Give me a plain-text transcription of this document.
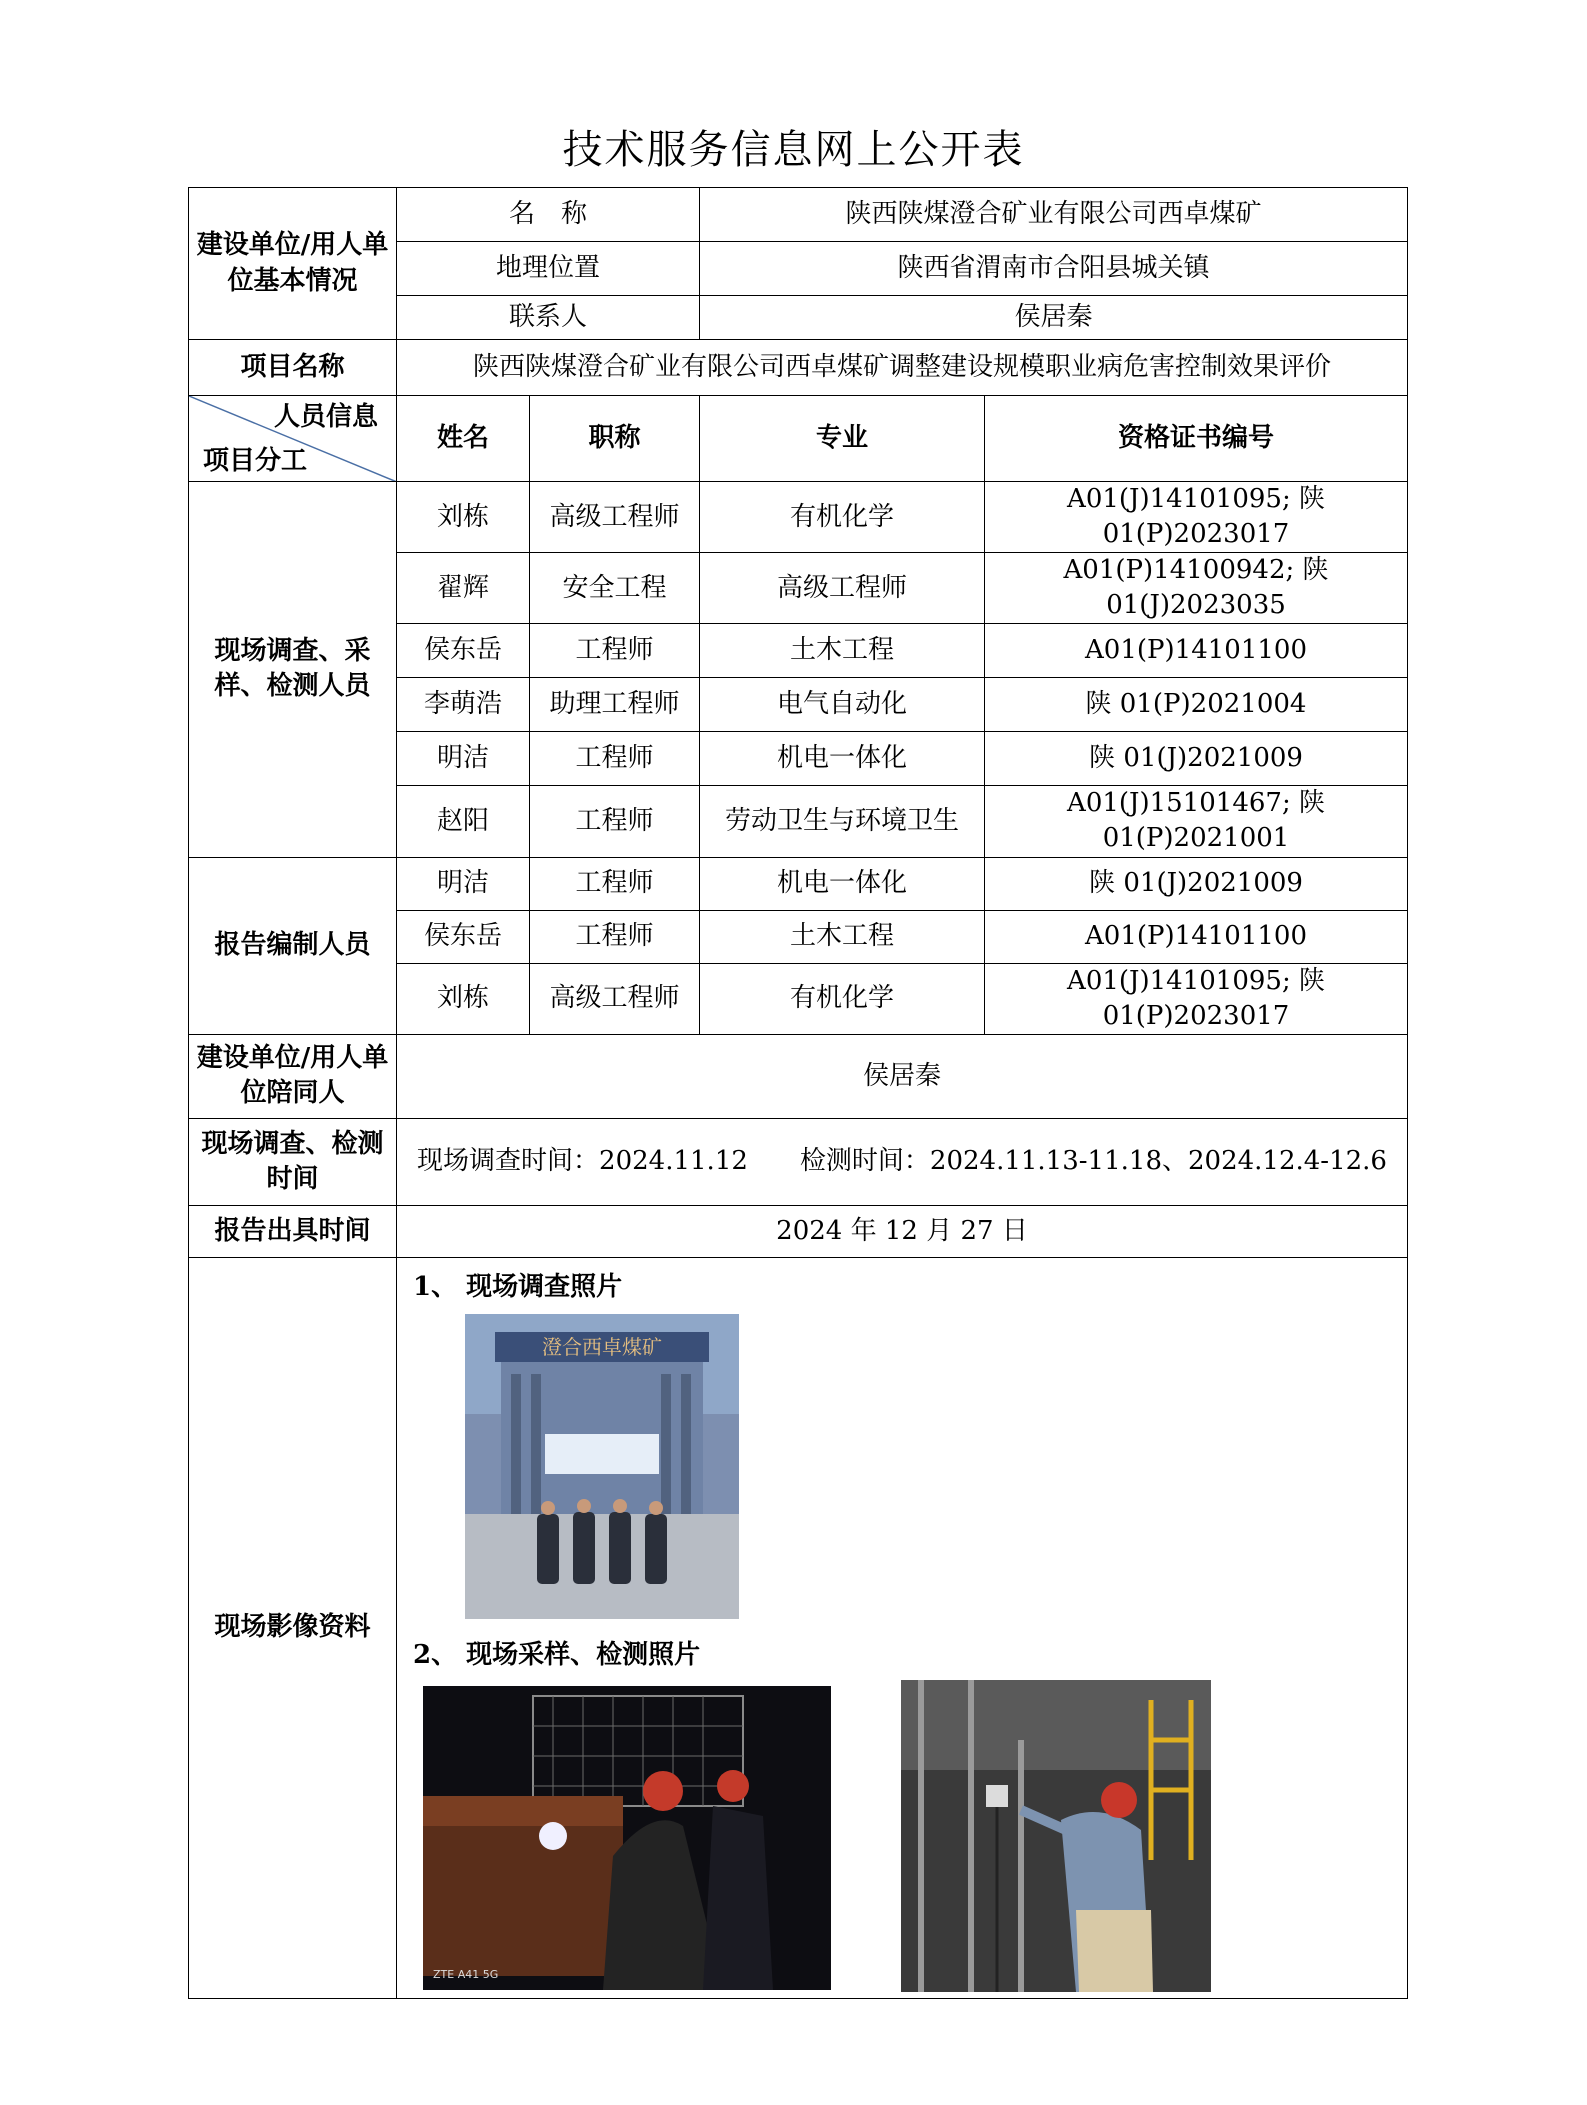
技术服务信息网上公开表
建设单位/用人单位基本情况	名　称		陕西陕煤澄合矿业有限公司西卓煤矿	
	地理位置		陕西省渭南市合阳县城关镇	
	联系人		侯居秦	
项目名称	陕西陕煤澄合矿业有限公司西卓煤矿调整建设规模职业病危害控制效果评价			

人员信息
项目分工	姓名	职称	专业	资格证书编号
现场调查、采样、检测人员	刘栋	高级工程师	有机化学	A01(J)14101095; 陕 01(P)2023017
	翟辉	安全工程	高级工程师	A01(P)14100942; 陕 01(J)2023035
	侯东岳	工程师	土木工程	A01(P)14101100
	李萌浩	助理工程师	电气自动化	陕 01(P)2021004
	明洁	工程师	机电一体化	陕 01(J)2021009
	赵阳	工程师	劳动卫生与环境卫生	A01(J)15101467; 陕 01(P)2021001
报告编制人员	明洁	工程师	机电一体化	陕 01(J)2021009
	侯东岳	工程师	土木工程	A01(P)14101100
	刘栋	高级工程师	有机化学	A01(J)14101095; 陕 01(P)2023017
建设单位/用人单位陪同人	侯居秦			
现场调查、检测时间	现场调查时间：2024.11.12　　检测时间：2024.11.13-11.18、2024.12.4-12.6			
报告出具时间	2024 年 12 月 27 日			
现场影像资料	1、 现场调查照片
澄合西卓煤矿
2、 现场采样、检测照片
ZTE A41 5G			
